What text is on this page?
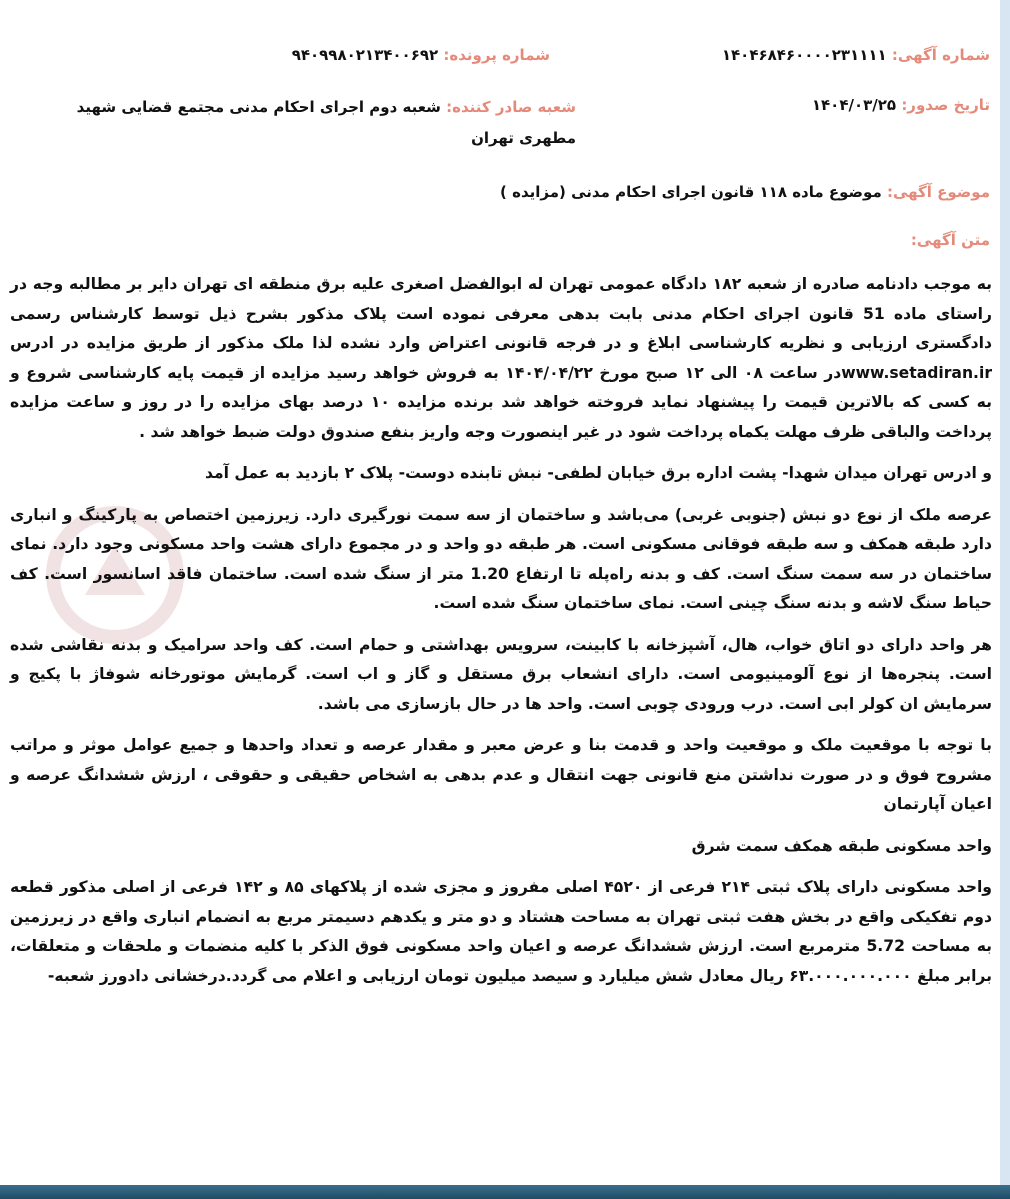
شماره آگهی: ۱۴۰۴۶۸۴۶۰۰۰۰۲۳۱۱۱۱
شماره پرونده: ۹۴۰۹۹۸۰۲۱۳۴۰۰۶۹۲
تاریخ صدور: ۱۴۰۴/۰۳/۲۵
شعبه صادر کننده: شعبه دوم اجرای احکام مدنی مجتمع قضایی شهید مطهری تهران
موضوع آگهی: موضوع ماده ۱۱۸ قانون اجرای احکام مدنی (مزایده )
متن آگهی:

به موجب دادنامه صادره از شعبه ۱۸۲ دادگاه عمومی تهران له ابوالفضل اصغری علیه برق منطقه ای تهران دایر بر مطالبه وجه در راستای ماده 51 قانون اجرای احکام مدنی بابت بدهی معرفی نموده است پلاک مذکور بشرح ذیل توسط کارشناس رسمی دادگستری ارزیابی و نظریه کارشناسی ابلاغ و در فرجه قانونی اعتراض وارد نشده لذا ملک مذکور از طریق مزایده در ادرس www.setadiran.irدر ساعت ۰۸ الی ۱۲ صبح مورخ ۱۴۰۴/۰۴/۲۲ به فروش خواهد رسید مزایده از قیمت پایه کارشناسی شروع و به کسی که بالاترین قیمت را پیشنهاد نماید فروخته خواهد شد برنده مزایده ۱۰ درصد بهای مزایده را در روز و ساعت مزایده پرداخت والباقی ظرف مهلت یکماه پرداخت شود در غیر اینصورت وجه واریز بنفع صندوق دولت ضبط خواهد شد .

و ادرس تهران میدان شهدا- پشت اداره برق خیابان لطفی- نبش تابنده دوست- پلاک ۲ بازدید به عمل آمد

عرصه ملک از نوع دو نبش (جنوبی غربی) می‌باشد و ساختمان از سه سمت نورگیری دارد. زیرزمین اختصاص به پارکینگ و انباری دارد طبقه همکف و سه طبقه فوقانی مسکونی است. هر طبقه دو واحد و در مجموع دارای هشت واحد مسکونی وجود دارد. نمای ساختمان در سه سمت سنگ است. کف و بدنه راه‌پله تا ارتفاع 1.20 متر از سنگ شده است. ساختمان فاقد اسانسور است. کف حیاط سنگ لاشه و بدنه سنگ چینی است. نمای ساختمان سنگ شده است.

هر واحد دارای دو اتاق خواب، هال، آشپزخانه با کابینت، سرویس بهداشتی و حمام است. کف واحد سرامیک و بدنه نقاشی شده است. پنجره‌ها از نوع آلومینیومی است. دارای انشعاب برق مستقل و گاز و اب است. گرمایش موتورخانه شوفاژ با پکیج و سرمایش ان کولر ابی است. درب ورودی چوبی است. واحد ها در حال بازسازی می باشد.

با توجه با موقعیت ملک و موقعیت واحد و قدمت بنا و عرض معبر و مقدار عرصه و تعداد واحدها و جمیع عوامل موثر و مراتب مشروح فوق و در صورت نداشتن منع قانونی جهت انتقال و عدم بدهی به اشخاص حقیقی و حقوقی ، ارزش ششدانگ عرصه و اعیان آپارتمان

واحد مسکونی طبقه همکف سمت شرق

واحد مسکونی دارای پلاک ثبتی ۲۱۴ فرعی از ۴۵۲۰ اصلی مفروز و مجزی شده از پلاکهای ۸۵ و ۱۴۲ فرعی از اصلی مذکور قطعه دوم تفکیکی واقع در بخش هفت ثبتی تهران به مساحت هشتاد و دو متر و یکدهم دسیمتر مربع به انضمام انباری واقع در زیرزمین به مساحت 5.72 مترمربع است. ارزش ششدانگ عرصه و اعیان واحد مسکونی فوق الذکر با کلیه منضمات و ملحقات و متعلقات، برابر مبلغ ۶۳.۰۰۰.۰۰۰.۰۰۰ ریال معادل شش میلیارد و سیصد میلیون تومان ارزیابی و اعلام می گردد.درخشانی دادورز شعبه-
